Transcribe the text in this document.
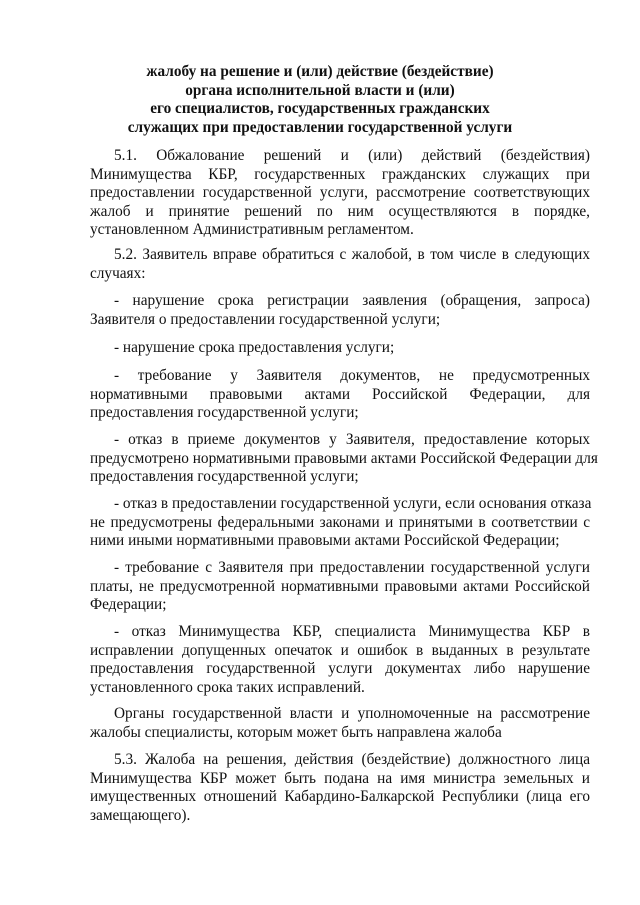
жалобу на решение и (или) действие (бездействие)
органа исполнительной власти и (или)
его специалистов, государственных гражданских
служащих при предоставлении государственной услуги
5.1. Обжалование решений и (или) действий (бездействия)
Минимущества КБР, государственных гражданских служащих при
предоставлении государственной услуги, рассмотрение соответствующих
жалоб и принятие решений по ним осуществляются в порядке,
установленном Административным регламентом.
5.2. Заявитель вправе обратиться с жалобой, в том числе в следующих
случаях:
- нарушение срока регистрации заявления (обращения, запроса)
Заявителя о предоставлении государственной услуги;
- нарушение срока предоставления услуги;
- требование у Заявителя документов, не предусмотренных
нормативными правовыми актами Российской Федерации, для
предоставления государственной услуги;
- отказ в приеме документов у Заявителя, предоставление которых
предусмотрено нормативными правовыми актами Российской Федерации для
предоставления государственной услуги;
- отказ в предоставлении государственной услуги, если основания отказа
не предусмотрены федеральными законами и принятыми в соответствии с
ними иными нормативными правовыми актами Российской Федерации;
- требование с Заявителя при предоставлении государственной услуги
платы, не предусмотренной нормативными правовыми актами Российской
Федерации;
- отказ Минимущества КБР, специалиста Минимущества КБР в
исправлении допущенных опечаток и ошибок в выданных в результате
предоставления государственной услуги документах либо нарушение
установленного срока таких исправлений.
Органы государственной власти и уполномоченные на рассмотрение
жалобы специалисты, которым может быть направлена жалоба
5.3. Жалоба на решения, действия (бездействие) должностного лица
Минимущества КБР может быть подана на имя министра земельных и
имущественных отношений Кабардино-Балкарской Республики (лица его
замещающего).
